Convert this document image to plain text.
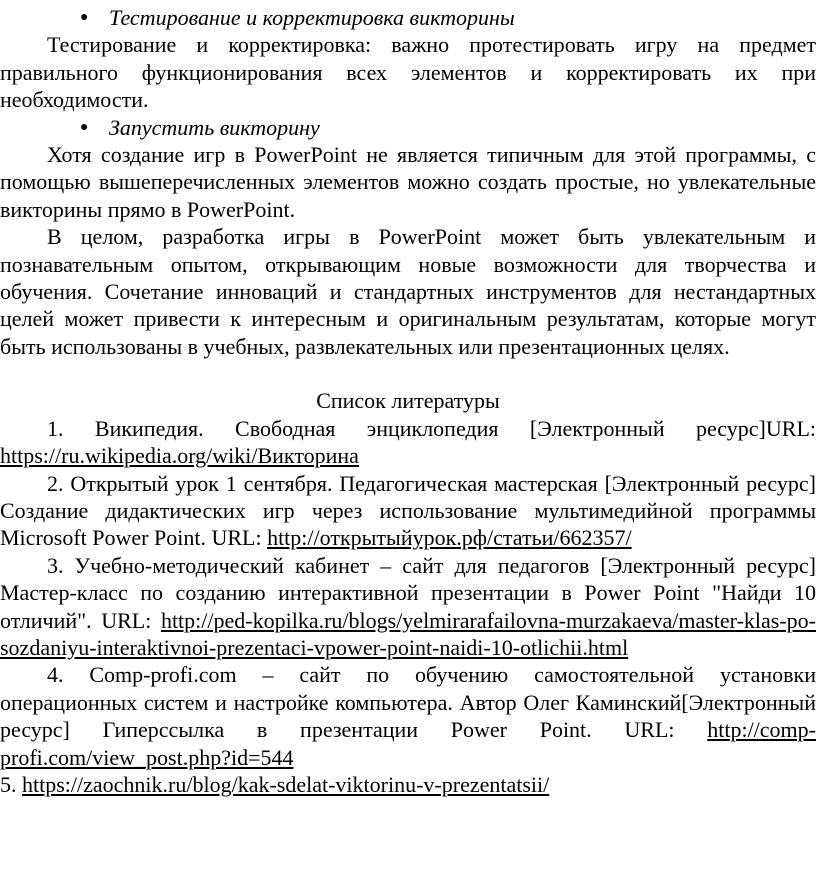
● Тестирование и корректировка викторины

Тестирование и корректировка: важно протестировать игру на предмет правильного функционирования всех элементов и корректировать их при необходимости.

● Запустить викторину

Хотя создание игр в PowerPoint не является типичным для этой программы, с помощью вышеперечисленных элементов можно создать простые, но увлекательные викторины прямо в PowerPoint.

В целом, разработка игры в PowerPoint может быть увлекательным и познавательным опытом, открывающим новые возможности для творчества и обучения. Сочетание инноваций и стандартных инструментов для нестандартных целей может привести к интересным и оригинальным результатам, которые могут быть использованы в учебных, развлекательных или презентационных целях.

Список литературы

1. Википедия. Свободная энциклопедия [Электронный ресурс]URL: https://ru.wikipedia.org/wiki/Викторина

2. Открытый урок 1 сентября. Педагогическая мастерская [Электронный ресурс] Создание дидактических игр через использование мультимедийной программы Microsoft Power Point. URL: http://открытыйурок.рф/статьи/662357/

3. Учебно-методический кабинет – сайт для педагогов [Электронный ресурс] Мастер-класс по созданию интерактивной презентации в Power Point "Найди 10 отличий". URL: http://ped-kopilka.ru/blogs/yelmirarafailovna-murzakaeva/master-klas-po-sozdaniyu-interaktivnoi-prezentaci-vpower-point-naidi-10-otlichii.html

4. Comp-profi.com – сайт по обучению самостоятельной установки операционных систем и настройке компьютера. Автор Олег Каминский[Электронный ресурс] Гиперссылка в презентации Power Point. URL: http://comp-profi.com/view_post.php?id=544

5. https://zaochnik.ru/blog/kak-sdelat-viktorinu-v-prezentatsii/
